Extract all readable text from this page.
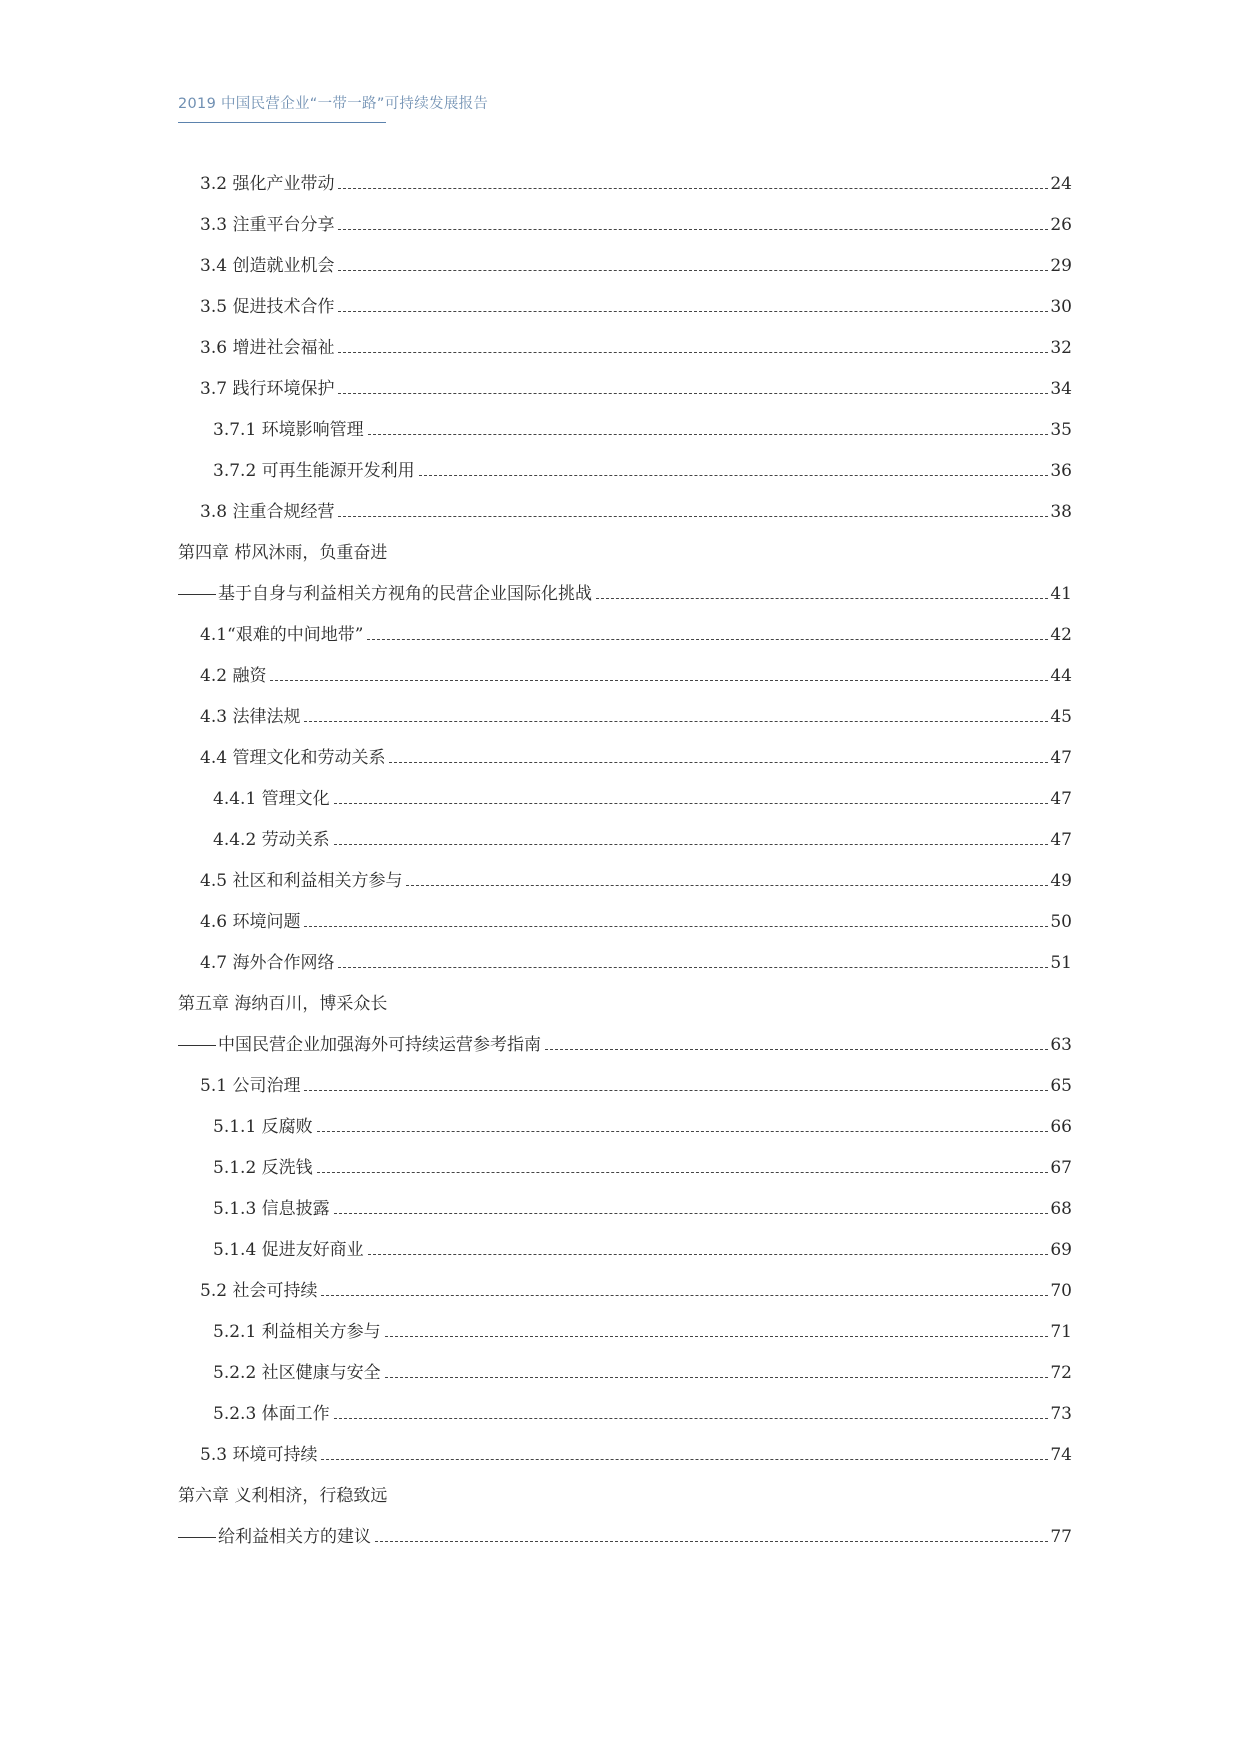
2019 中国民营企业“一带一路”可持续发展报告
3.2 强化产业带动	24
3.3 注重平台分享	26
3.4 创造就业机会	29
3.5 促进技术合作	30
3.6 增进社会福祉	32
3.7 践行环境保护	34
3.7.1 环境影响管理	35
3.7.2 可再生能源开发利用	36
3.8 注重合规经营	38
第四章 栉风沐雨，负重奋进
基于自身与利益相关方视角的民营企业国际化挑战	41
4.1“艰难的中间地带”	42
4.2 融资	44
4.3 法律法规	45
4.4 管理文化和劳动关系	47
4.4.1 管理文化	47
4.4.2 劳动关系	47
4.5 社区和利益相关方参与	49
4.6 环境问题	50
4.7 海外合作网络	51
第五章 海纳百川，博采众长
中国民营企业加强海外可持续运营参考指南	63
5.1 公司治理	65
5.1.1 反腐败	66
5.1.2 反洗钱	67
5.1.3 信息披露	68
5.1.4 促进友好商业	69
5.2 社会可持续	70
5.2.1 利益相关方参与	71
5.2.2 社区健康与安全	72
5.2.3 体面工作	73
5.3 环境可持续	74
第六章 义利相济，行稳致远
给利益相关方的建议	77
